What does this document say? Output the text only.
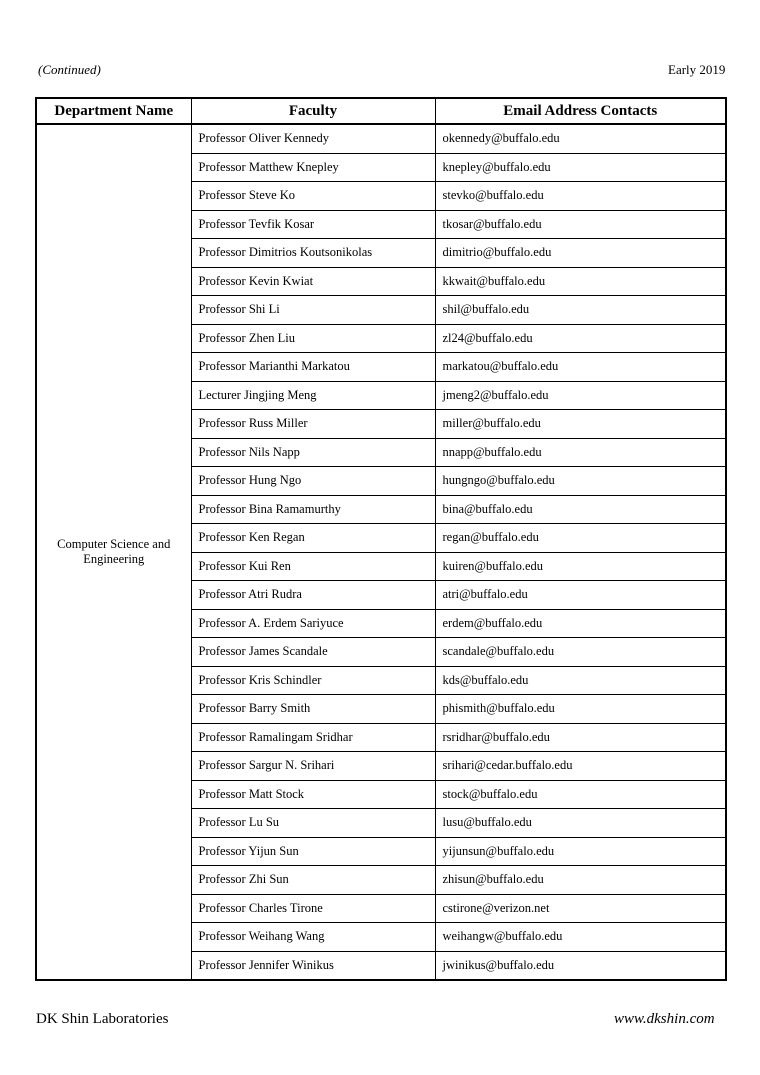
(Continued)	Early 2019
Department Name	Faculty	Email Address Contacts
Computer Science and Engineering	Professor Oliver Kennedy	okennedy@buffalo.edu
	Professor Matthew Knepley	knepley@buffalo.edu
	Professor Steve Ko	stevko@buffalo.edu
	Professor Tevfik Kosar	tkosar@buffalo.edu
	Professor Dimitrios Koutsonikolas	dimitrio@buffalo.edu
	Professor Kevin Kwiat	kkwait@buffalo.edu
	Professor Shi Li	shil@buffalo.edu
	Professor Zhen Liu	zl24@buffalo.edu
	Professor Marianthi Markatou	markatou@buffalo.edu
	Lecturer Jingjing Meng	jmeng2@buffalo.edu
	Professor Russ Miller	miller@buffalo.edu
	Professor Nils Napp	nnapp@buffalo.edu
	Professor Hung Ngo	hungngo@buffalo.edu
	Professor Bina Ramamurthy	bina@buffalo.edu
	Professor Ken Regan	regan@buffalo.edu
	Professor Kui Ren	kuiren@buffalo.edu
	Professor Atri Rudra	atri@buffalo.edu
	Professor A. Erdem Sariyuce	erdem@buffalo.edu
	Professor James Scandale	scandale@buffalo.edu
	Professor Kris Schindler	kds@buffalo.edu
	Professor Barry Smith	phismith@buffalo.edu
	Professor Ramalingam Sridhar	rsridhar@buffalo.edu
	Professor Sargur N. Srihari	srihari@cedar.buffalo.edu
	Professor Matt Stock	stock@buffalo.edu
	Professor Lu Su	lusu@buffalo.edu
	Professor Yijun Sun	yijunsun@buffalo.edu
	Professor Zhi Sun	zhisun@buffalo.edu
	Professor Charles Tirone	cstirone@verizon.net
	Professor Weihang Wang	weihangw@buffalo.edu
	Professor Jennifer Winikus	jwinikus@buffalo.edu
DK Shin Laboratories	www.dkshin.com
